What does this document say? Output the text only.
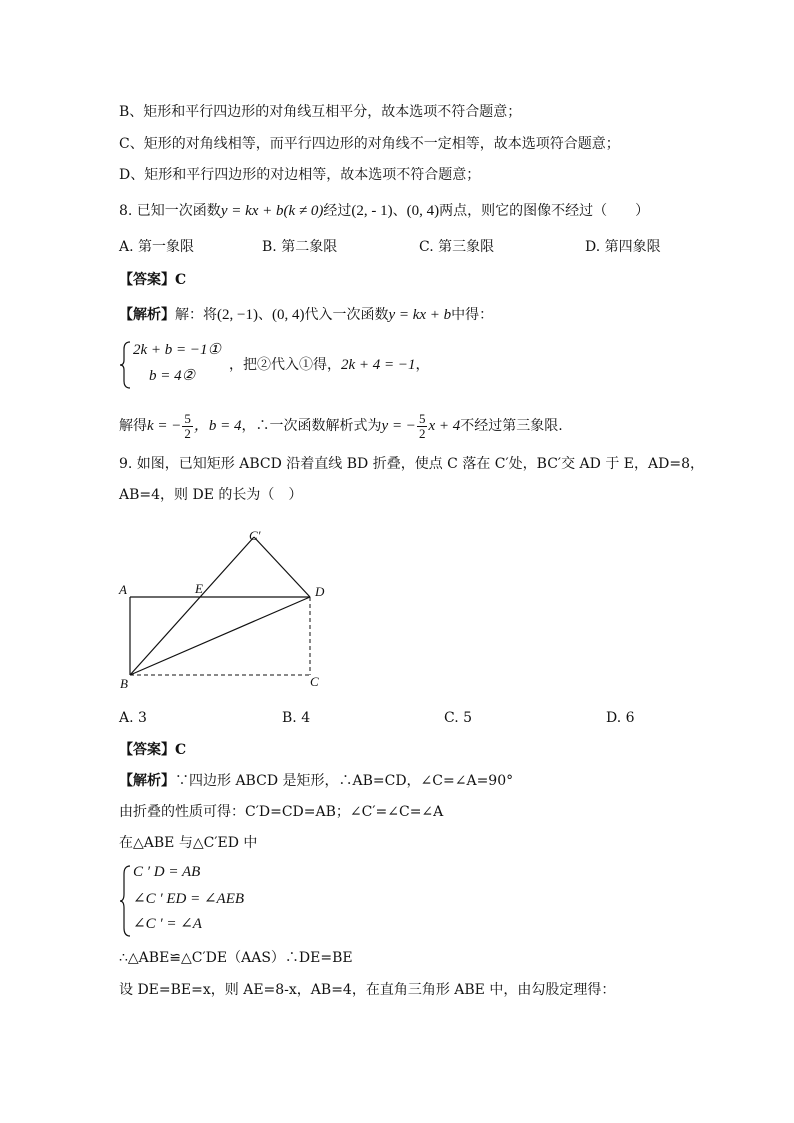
B、矩形和平行四边形的对角线互相平分，故本选项不符合题意；
C、矩形的对角线相等，而平行四边形的对角线不一定相等，故本选项符合题意；
D、矩形和平行四边形的对边相等，故本选项不符合题意；
8. 已知一次函数y = kx + b(k ≠ 0)经过(2, - 1)、(0, 4)两点，则它的图像不经过（　　）
A. 第一象限	B. 第二象限	C. 第三象限	D. 第四象限
【答案】C
【解析】解：将(2, −1)、(0, 4)代入一次函数y = kx + b中得：
2k + b = −1①
b = 4②
，把②代入①得，2k + 4 = −1，
解得k = − $\frac{5}{2}$ ，b = 4，∴一次函数解析式为y = − $\frac{5}{2}$ x + 4不经过第三象限.
9. 如图，已知矩形 ABCD 沿着直线 BD 折叠，使点 C 落在 C′处，BC′交 AD 于 E，AD=8，
AB=4，则 DE 的长为（　）
A	E	D
B	C
C′
A. 3	B. 4	C. 5	D. 6
【答案】C
【解析】∵四边形 ABCD 是矩形，∴AB=CD，∠C=∠A=90°
由折叠的性质可得：C′D=CD=AB；∠C′=∠C=∠A
在△ABE 与△C′ED 中
C ′ D = AB
∠C ′ ED = ∠AEB
∠C ′ = ∠A
∴△ABE≌△C′DE（AAS）∴DE=BE
设 DE=BE=x，则 AE=8-x，AB=4，在直角三角形 ABE 中，由勾股定理得：
